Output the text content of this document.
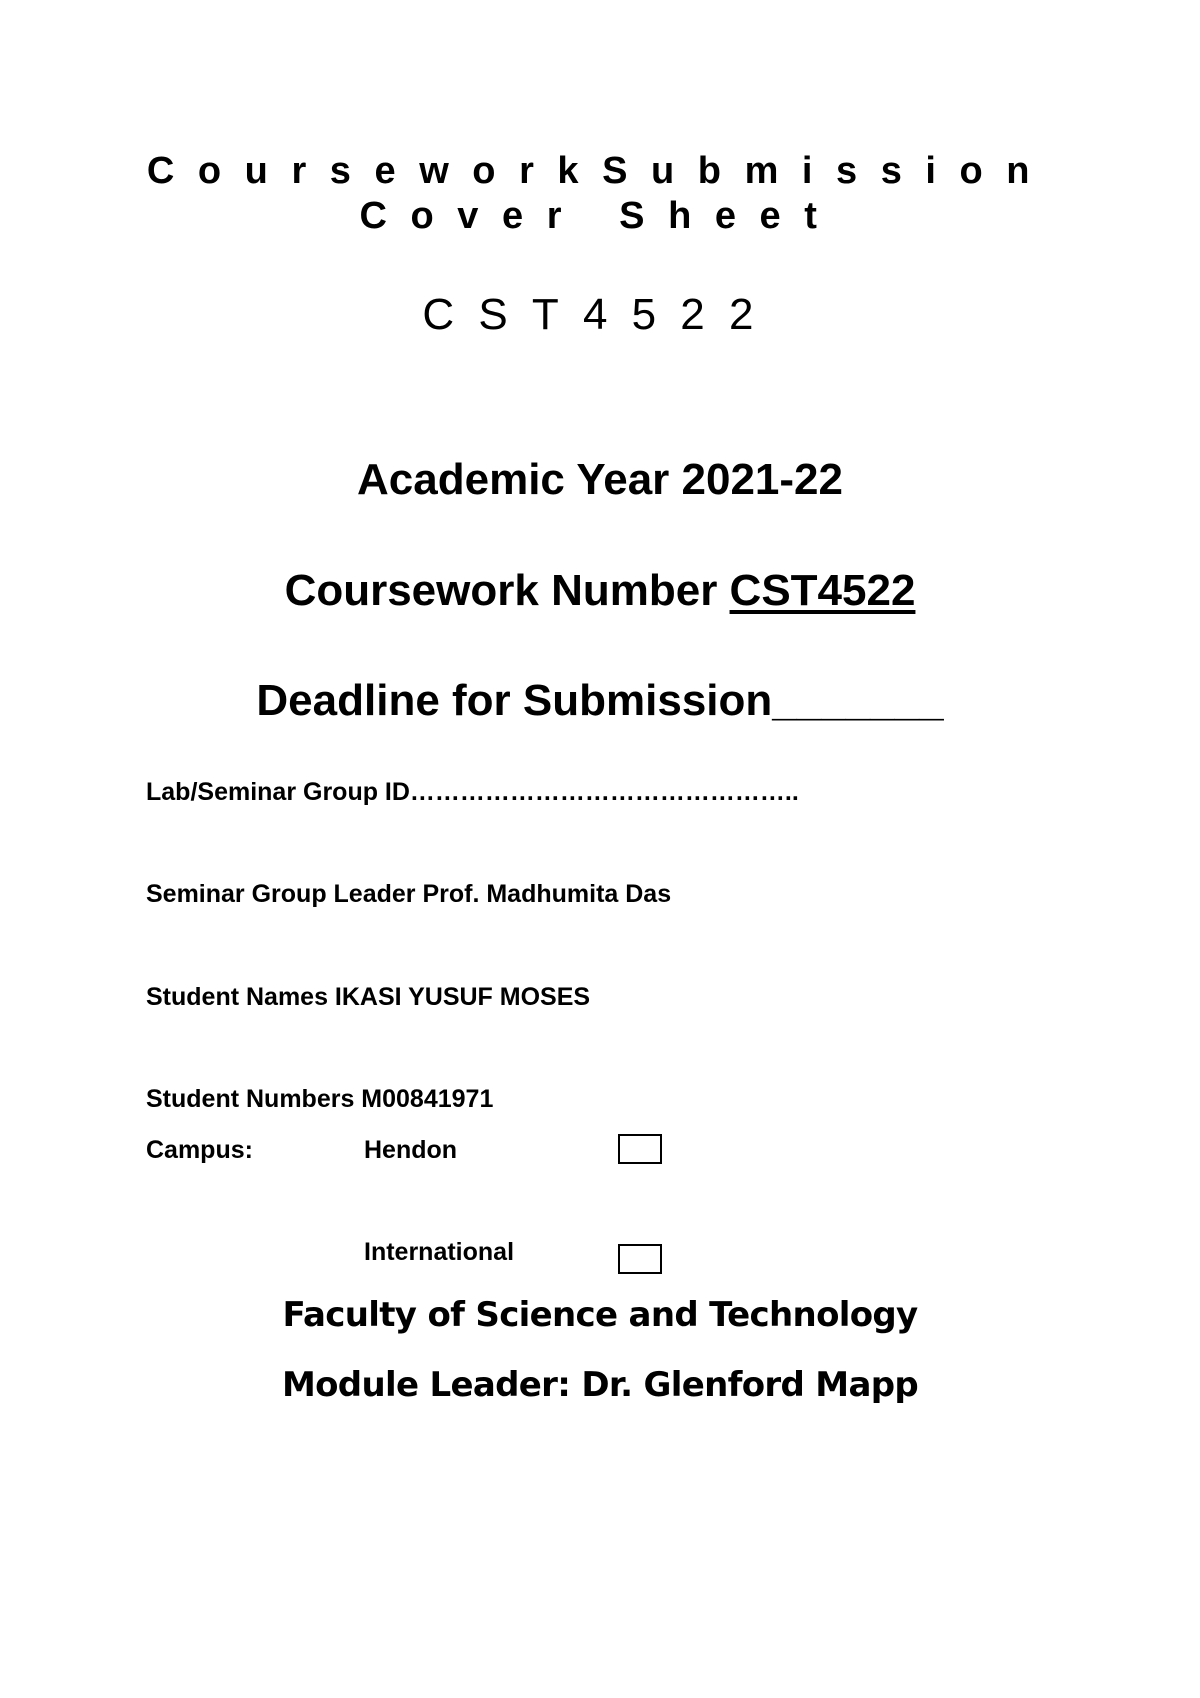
CourseworkSubmission
Cover Sheet
CST4522
Academic Year 2021-22
Coursework Number CST4522
Deadline for Submission_______
Lab/Seminar Group ID………………………………………..
Seminar Group Leader Prof. Madhumita Das
Student Names IKASI YUSUF MOSES
Student Numbers M00841971
Campus:	Hendon
International
Faculty of Science and Technology
Module Leader: Dr. Glenford Mapp
